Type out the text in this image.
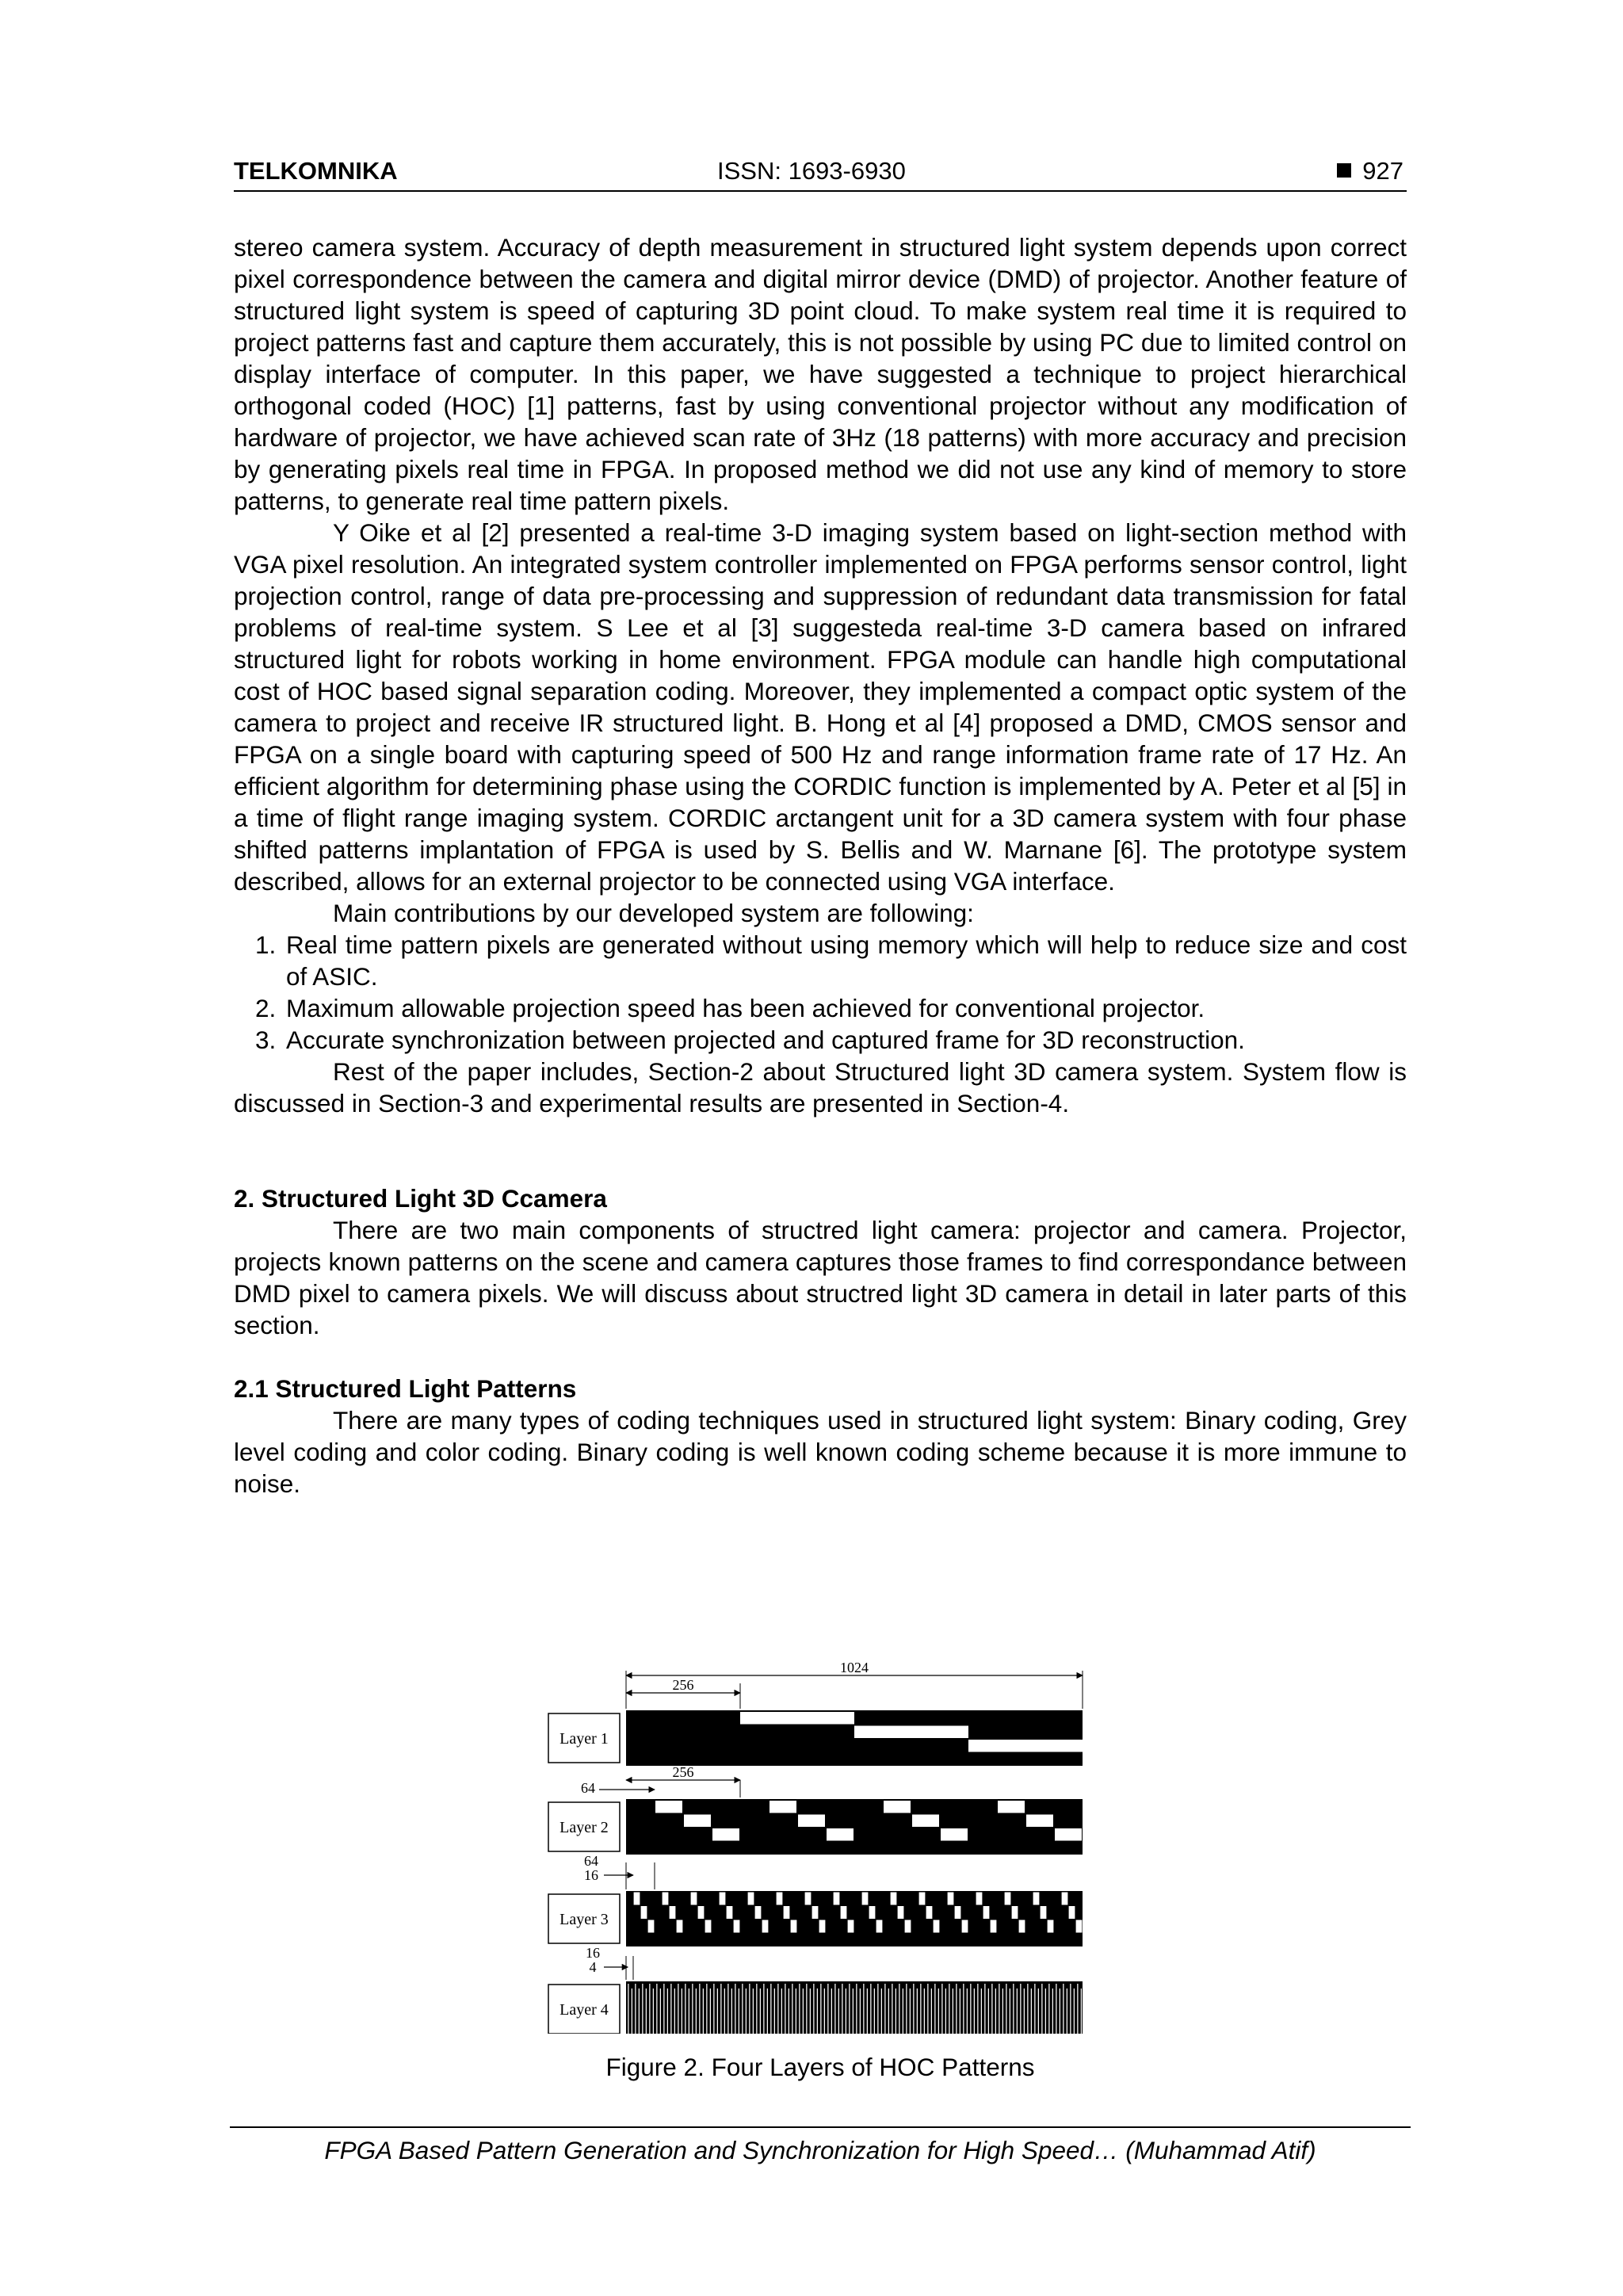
TELKOMNIKA	ISSN: 1693-6930	927

stereo camera system. Accuracy of depth measurement in structured light system depends upon correct pixel correspondence between the camera and digital mirror device (DMD) of projector. Another feature of structured light system is speed of capturing 3D point cloud. To make system real time it is required to project patterns fast and capture them accurately, this is not possible by using PC due to limited control on display interface of computer. In this paper, we have suggested a technique to project hierarchical orthogonal coded (HOC) [1] patterns, fast by using conventional projector without any modification of hardware of projector, we have achieved scan rate of 3Hz (18 patterns) with more accuracy and precision by generating pixels real time in FPGA. In proposed method we did not use any kind of memory to store patterns, to generate real time pattern pixels.

Y Oike et al [2] presented a real-time 3-D imaging system based on light-section method with VGA pixel resolution. An integrated system controller implemented on FPGA performs sensor control, light projection control, range of data pre-processing and suppression of redundant data transmission for fatal problems of real-time system. S Lee et al [3] suggesteda real-time 3-D camera based on infrared structured light for robots working in home environment. FPGA module can handle high computational cost of HOC based signal separation coding. Moreover, they implemented a compact optic system of the camera to project and receive IR structured light. B. Hong et al [4] proposed a DMD, CMOS sensor and FPGA on a single board with capturing speed of 500 Hz and range information frame rate of 17 Hz. An efficient algorithm for determining phase using the CORDIC function is implemented by A. Peter et al [5] in a time of flight range imaging system. CORDIC arctangent unit for a 3D camera system with four phase shifted patterns implantation of FPGA is used by S. Bellis and W. Marnane [6]. The prototype system described, allows for an external projector to be connected using VGA interface.

Main contributions by our developed system are following:

1. Real time pattern pixels are generated without using memory which will help to reduce size and cost of ASIC.
2. Maximum allowable projection speed has been achieved for conventional projector.
3. Accurate synchronization between projected and captured frame for 3D reconstruction.

Rest of the paper includes, Section-2 about Structured light 3D camera system. System flow is discussed in Section-3 and experimental results are presented in Section-4.

2. Structured Light 3D Ccamera

There are two main components of structred light camera: projector and camera. Projector, projects known patterns on the scene and camera captures those frames to find correspondance between DMD pixel to camera pixels. We will discuss about structred light 3D camera in detail in later parts of this section.

2.1 Structured Light Patterns

There are many types of coding techniques used in structured light system: Binary coding, Grey level coding and color coding. Binary coding is well known coding scheme because it is more immune to noise.

Layer 1
Layer 2
Layer 3
Layer 4
1024
256
256
64
64
16
16
4
Figure 2. Four Layers of HOC Patterns
FPGA Based Pattern Generation and Synchronization for High Speed… (Muhammad Atif)
